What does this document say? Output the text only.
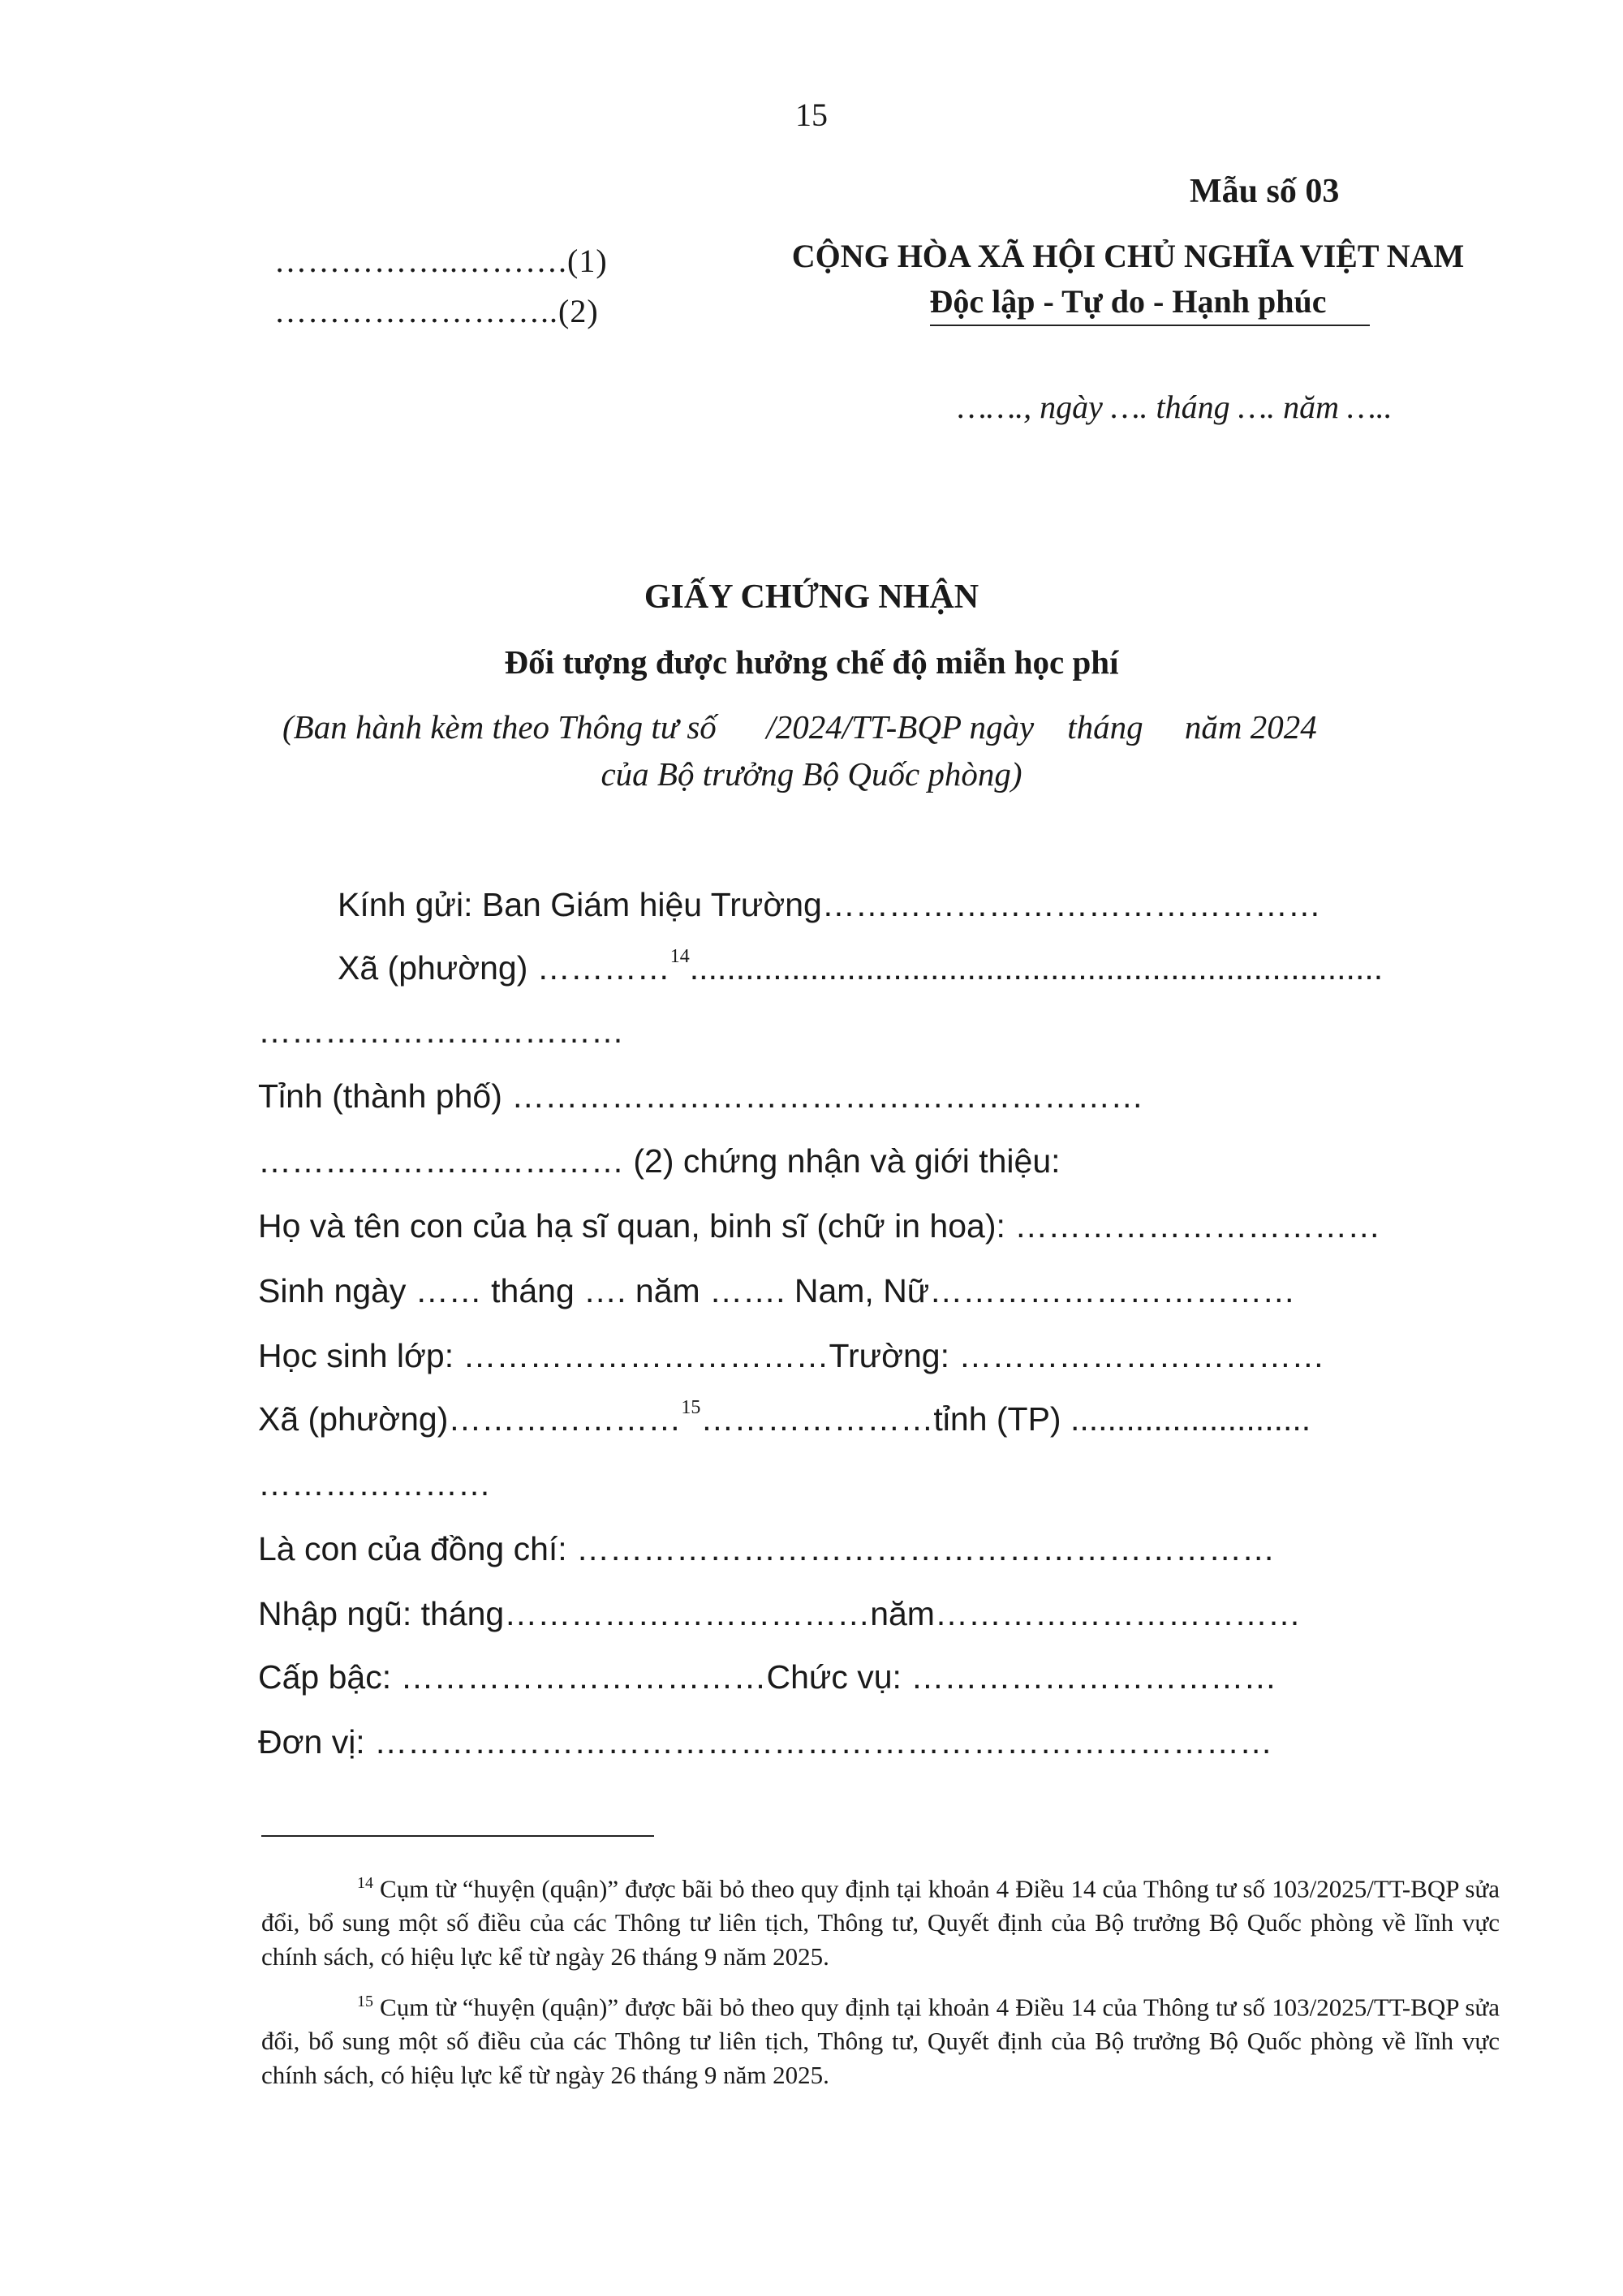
15
Mẫu số 03
……………..……….(1)
……………………..(2)
CỘNG HÒA XÃ HỘI CHỦ NGHĨA VIỆT NAM
Độc lập - Tự do - Hạnh phúc
……., ngày …. tháng …. năm …..
GIẤY CHỨNG NHẬN
Đối tượng được hưởng chế độ miễn học phí
(Ban hành kèm theo Thông tư số      /2024/TT-BQP ngày    tháng     năm 2024
của Bộ trưởng Bộ Quốc phòng)
Kính gửi: Ban Giám hiệu Trường………………………………………
Xã (phường) …………$^{14}$...........................................................................
……………………………
Tỉnh (thành phố) …………………………………………………
…………………………… (2) chứng nhận và giới thiệu:
Họ và tên con của hạ sĩ quan, binh sĩ (chữ in hoa): ……………………………
Sinh ngày …… tháng …. năm ……. Nam, Nữ……………………………
Học sinh lớp: ……………………………Trường: ……………………………
Xã (phường)…………………$^{15}$…………………tỉnh (TP) ..........................
…………………
Là con của đồng chí: ………………………………………………………
Nhập ngũ: tháng……………………………năm……………………………
Cấp bậc: ……………………………Chức vụ: ……………………………
Đơn vị: ………………………………………………………………………

$^{14}$ Cụm từ “huyện (quận)” được bãi bỏ theo quy định tại khoản 4 Điều 14 của Thông tư số 103/2025/TT-BQP sửa đổi, bổ sung một số điều của các Thông tư liên tịch, Thông tư, Quyết định của Bộ trưởng Bộ Quốc phòng về lĩnh vực chính sách, có hiệu lực kể từ ngày 26 tháng 9 năm 2025.

$^{15}$ Cụm từ “huyện (quận)” được bãi bỏ theo quy định tại khoản 4 Điều 14 của Thông tư số 103/2025/TT-BQP sửa đổi, bổ sung một số điều của các Thông tư liên tịch, Thông tư, Quyết định của Bộ trưởng Bộ Quốc phòng về lĩnh vực chính sách, có hiệu lực kể từ ngày 26 tháng 9 năm 2025.
